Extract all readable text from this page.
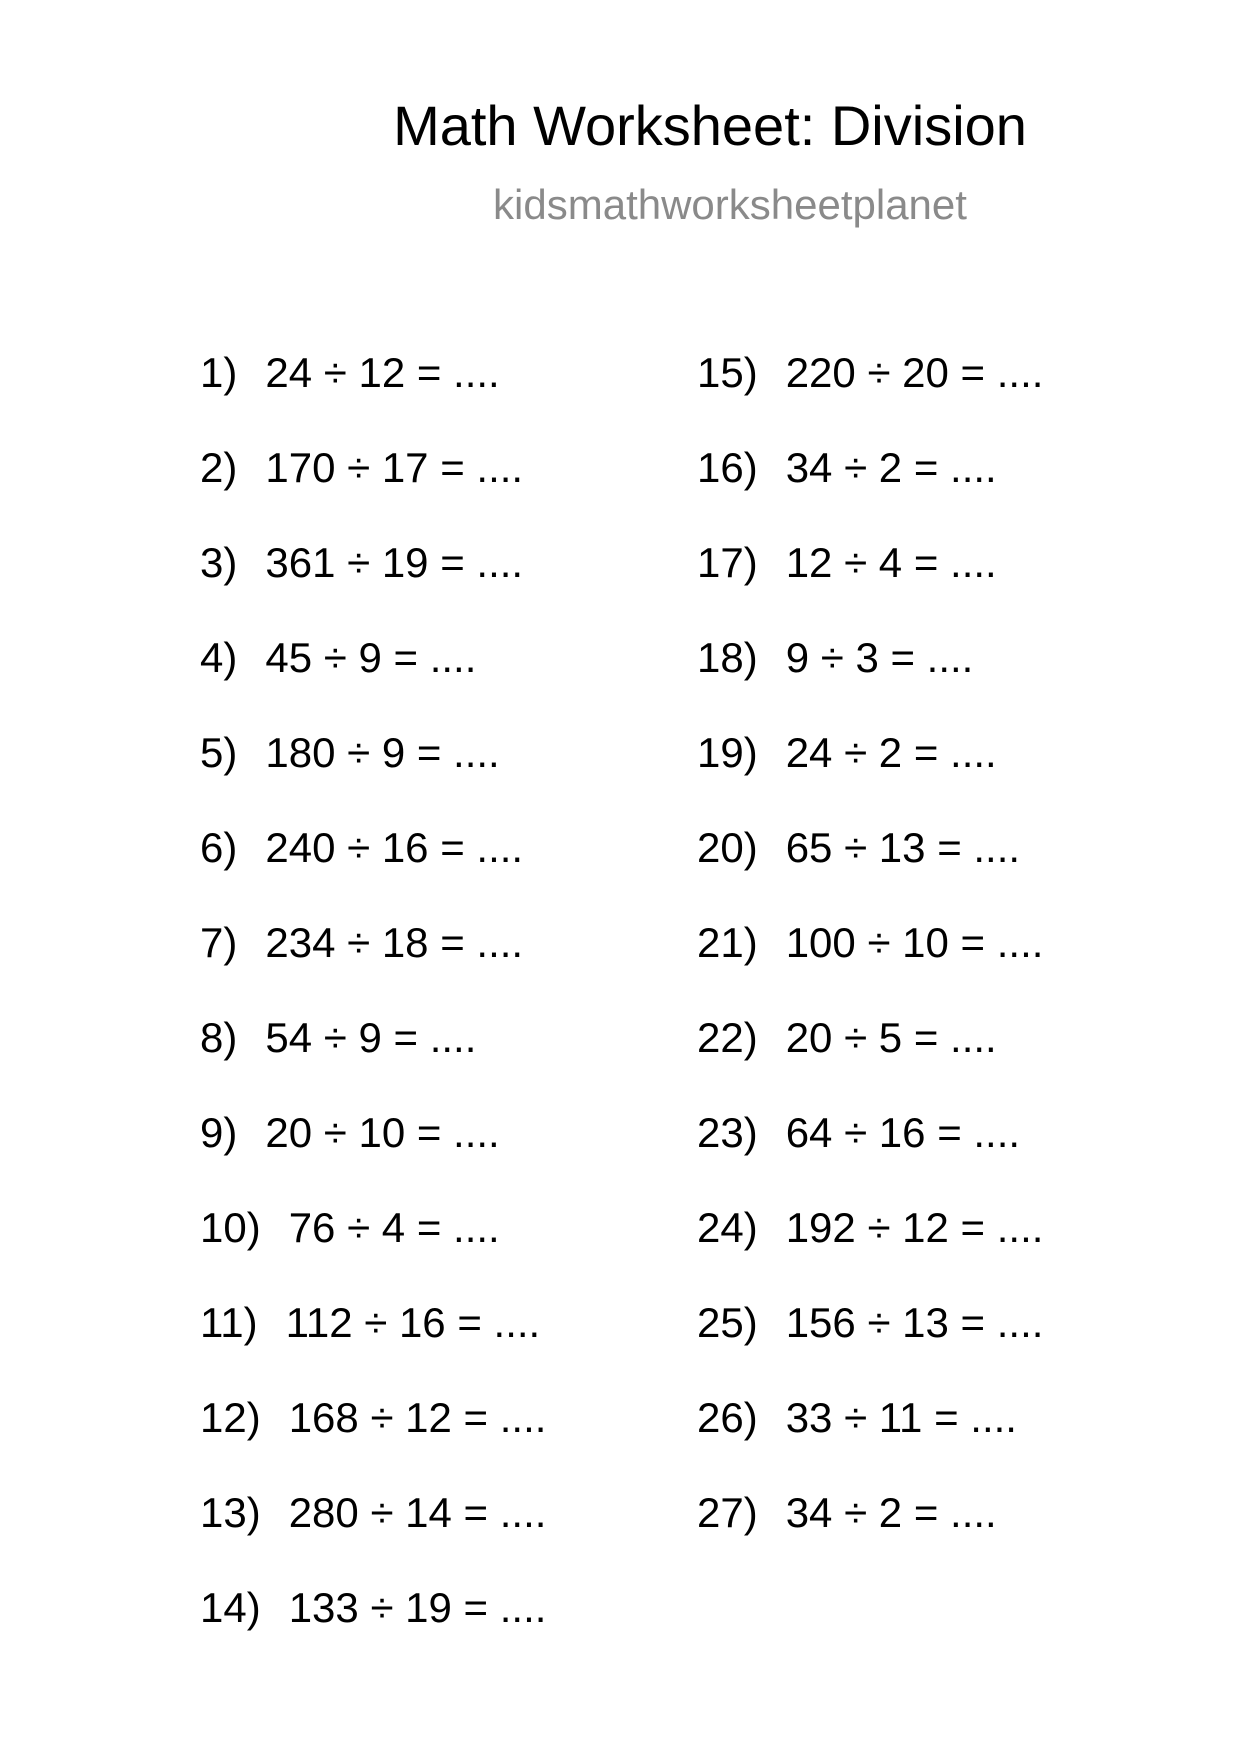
Math Worksheet: Division
kidsmathworksheetplanet
1) 24 ÷ 12 = ....
2) 170 ÷ 17 = ....
3) 361 ÷ 19 = ....
4) 45 ÷ 9 = ....
5) 180 ÷ 9 = ....
6) 240 ÷ 16 = ....
7) 234 ÷ 18 = ....
8) 54 ÷ 9 = ....
9) 20 ÷ 10 = ....
10) 76 ÷ 4 = ....
11) 112 ÷ 16 = ....
12) 168 ÷ 12 = ....
13) 280 ÷ 14 = ....
14) 133 ÷ 19 = ....
15) 220 ÷ 20 = ....
16) 34 ÷ 2 = ....
17) 12 ÷ 4 = ....
18) 9 ÷ 3 = ....
19) 24 ÷ 2 = ....
20) 65 ÷ 13 = ....
21) 100 ÷ 10 = ....
22) 20 ÷ 5 = ....
23) 64 ÷ 16 = ....
24) 192 ÷ 12 = ....
25) 156 ÷ 13 = ....
26) 33 ÷ 11 = ....
27) 34 ÷ 2 = ....
